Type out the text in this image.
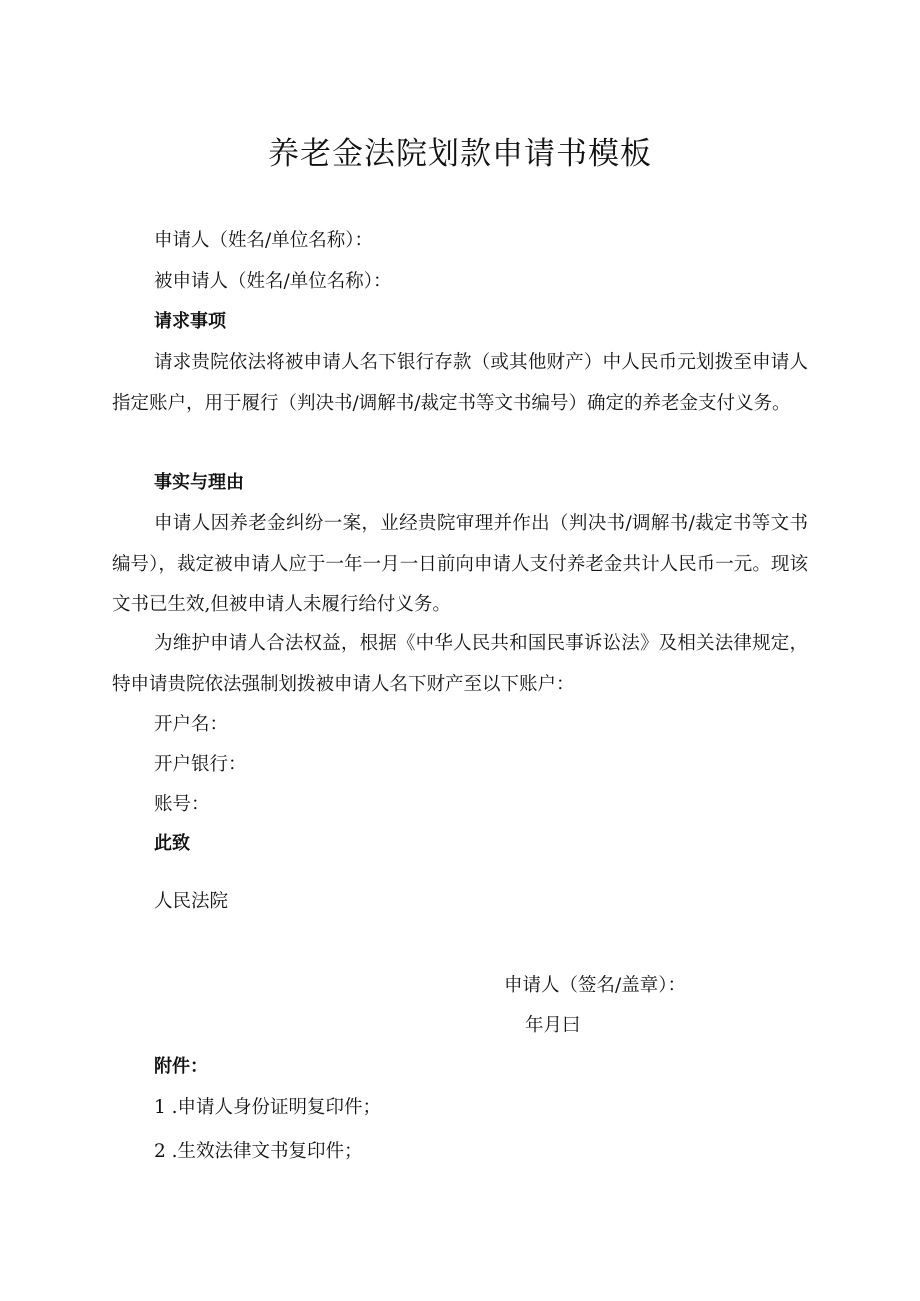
养老金法院划款申请书模板
申请人（姓名/单位名称）：
被申请人（姓名/单位名称）：
请求事项
请求贵院依法将被申请人名下银行存款（或其他财产）中人民币元划拨至申请人指定账户，用于履行（判决书/调解书/裁定书等文书编号）确定的养老金支付义务。
事实与理由
申请人因养老金纠纷一案，业经贵院审理并作出（判决书/调解书/裁定书等文书编号），裁定被申请人应于一年一月一日前向申请人支付养老金共计人民币一元。现该文书已生效,但被申请人未履行给付义务。
为维护申请人合法权益，根据《中华人民共和国民事诉讼法》及相关法律规定，特申请贵院依法强制划拨被申请人名下财产至以下账户：
开户名：
开户银行：
账号：
此致
人民法院
申请人（签名/盖章）：
年月曰
附件：
1 .申请人身份证明复印件；
2 .生效法律文书复印件；
